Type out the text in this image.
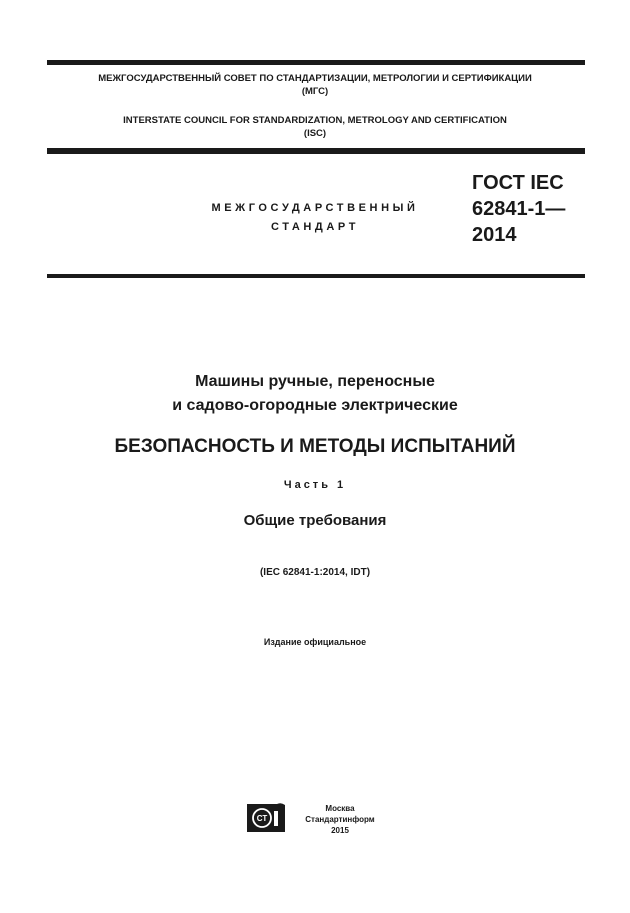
МЕЖГОСУДАРСТВЕННЫЙ СОВЕТ ПО СТАНДАРТИЗАЦИИ, МЕТРОЛОГИИ И СЕРТИФИКАЦИИ
(МГС)
INTERSTATE COUNCIL FOR STANDARDIZATION, METROLOGY AND CERTIFICATION
(ISC)
МЕЖГОСУДАРСТВЕННЫЙ
СТАНДАРТ
ГОСТ IEC
62841-1—
2014
Машины ручные, переносные
и садово-огородные электрические
БЕЗОПАСНОСТЬ И МЕТОДЫ ИСПЫТАНИЙ
Часть 1
Общие требования
(IEC 62841-1:2014, IDT)
Издание официальное
СТ
Москва
Стандартинформ
2015
